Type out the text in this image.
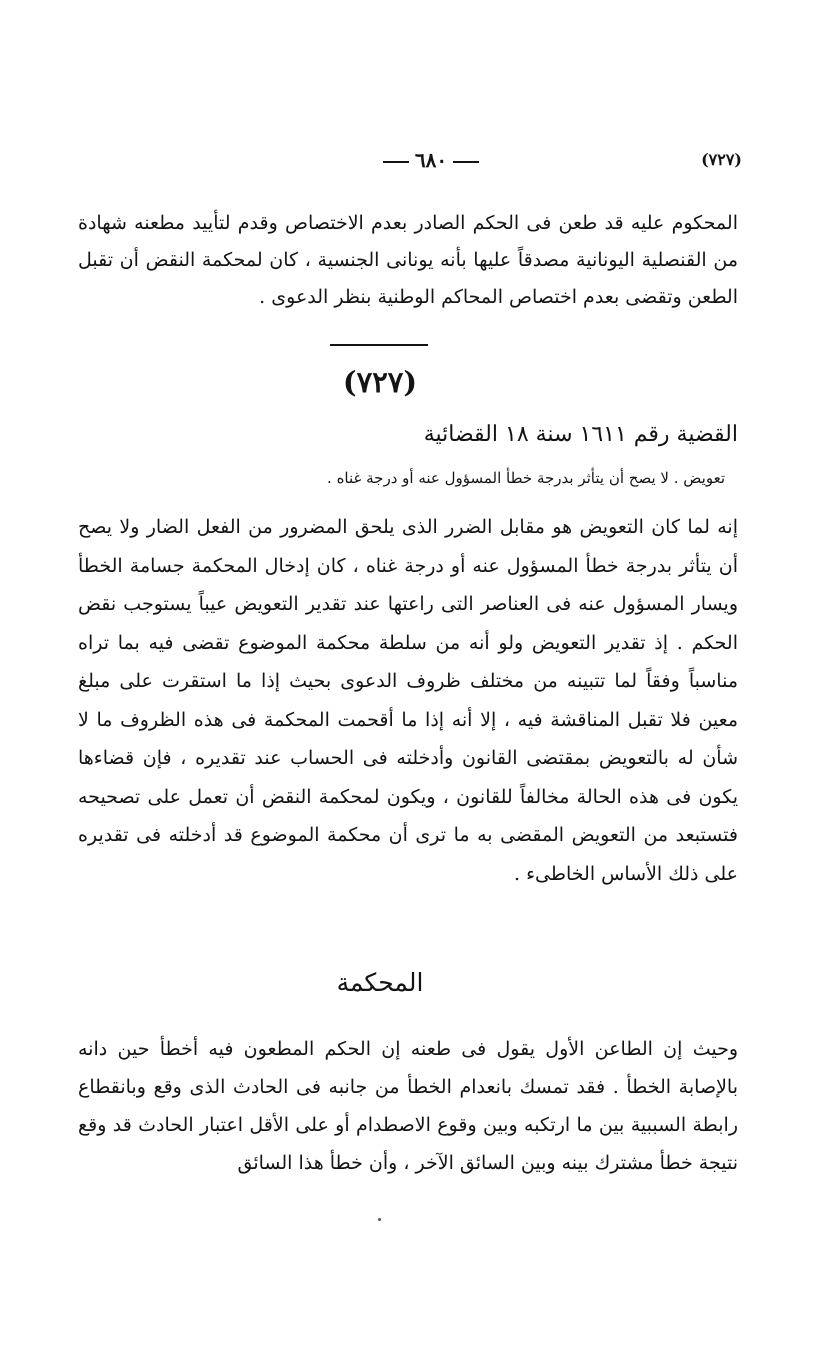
٦٨٠	(٧٢٧)

المحكوم عليه قد طعن فى الحكم الصادر بعدم الاختصاص وقدم لتأييد مطعنه شهادة من القنصلية اليونانية مصدقاً عليها بأنه يونانى الجنسية ، كان لمحكمة النقض أن تقبل الطعن وتقضى بعدم اختصاص المحاكم الوطنية بنظر الدعوى .

(٧٢٧)
القضية رقم ١٦١١ سنة ١٨ القضائية
تعويض . لا يصح أن يتأثر بدرجة خطأ المسؤول عنه أو درجة غناه .

إنه لما كان التعويض هو مقابل الضرر الذى يلحق المضرور من الفعل الضار ولا يصح أن يتأثر بدرجة خطأ المسؤول عنه أو درجة غناه ، كان إدخال المحكمة جسامة الخطأ ويسار المسؤول عنه فى العناصر التى راعتها عند تقدير التعويض عيباً يستوجب نقض الحكم . إذ تقدير التعويض ولو أنه من سلطة محكمة الموضوع تقضى فيه بما تراه مناسباً وفقاً لما تتبينه من مختلف ظروف الدعوى بحيث إذا ما استقرت على مبلغ معين فلا تقبل المناقشة فيه ، إلا أنه إذا ما أقحمت المحكمة فى هذه الظروف ما لا شأن له بالتعويض بمقتضى القانون وأدخلته فى الحساب عند تقديره ، فإن قضاءها يكون فى هذه الحالة مخالفاً للقانون ، ويكون لمحكمة النقض أن تعمل على تصحيحه فتستبعد من التعويض المقضى به ما ترى أن محكمة الموضوع قد أدخلته فى تقديره على ذلك الأساس الخاطىء .

المحكمة

وحيث إن الطاعن الأول يقول فى طعنه إن الحكم المطعون فيه أخطأ حين دانه بالإصابة الخطأ . فقد تمسك بانعدام الخطأ من جانبه فى الحادث الذى وقع وبانقطاع رابطة السببية بين ما ارتكبه وبين وقوع الاصطدام أو على الأقل اعتبار الحادث قد وقع نتيجة خطأ مشترك بينه وبين السائق الآخر ، وأن خطأ هذا السائق
